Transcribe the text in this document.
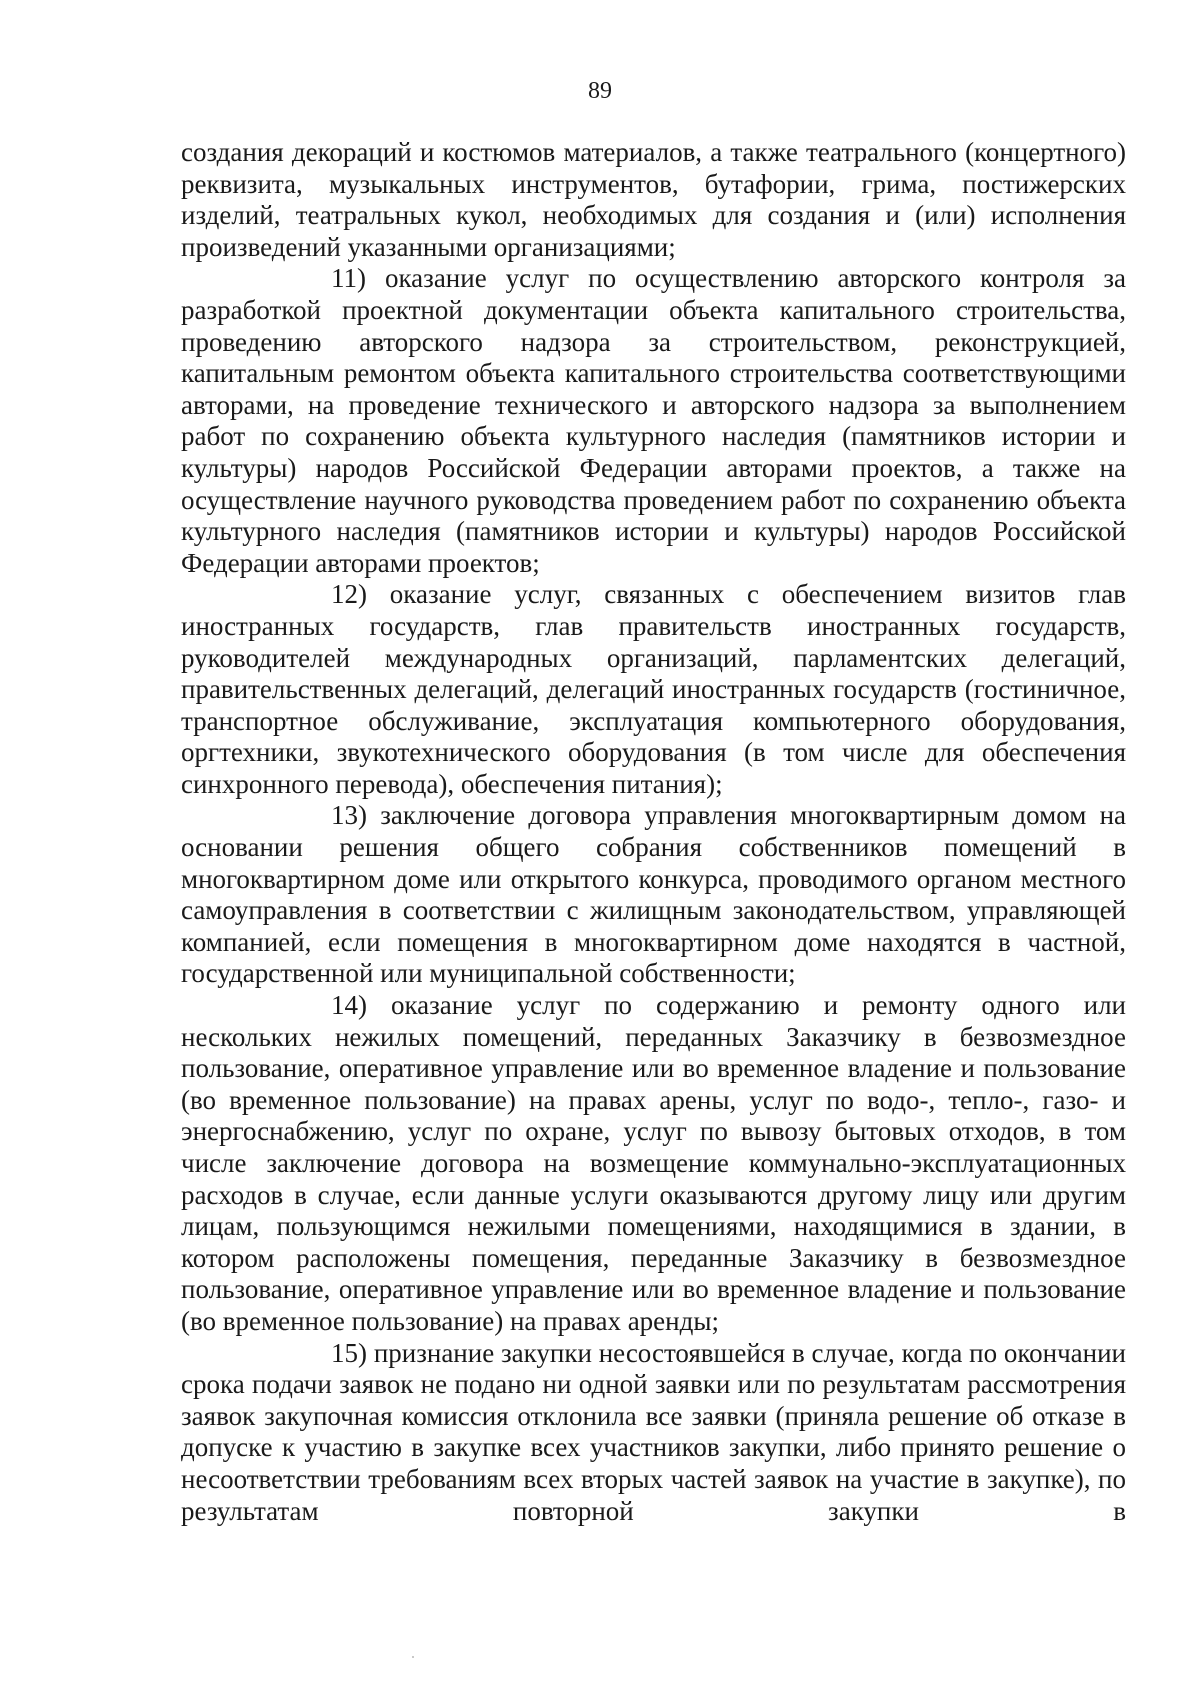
89

создания декораций и костюмов материалов, а также театрального (концертного) реквизита, музыкальных инструментов, бутафории, грима, постижерских изделий, театральных кукол, необходимых для создания и (или) исполнения произведений указанными организациями;

11) оказание услуг по осуществлению авторского контроля за разработкой проектной документации объекта капитального строительства, проведению авторского надзора за строительством, реконструкцией, капитальным ремонтом объекта капитального строительства соответствующими авторами, на проведение технического и авторского надзора за выполнением работ по сохранению объекта культурного наследия (памятников истории и культуры) народов Российской Федерации авторами проектов, а также на осуществление научного руководства проведением работ по сохранению объекта культурного наследия (памятников истории и культуры) народов Российской Федерации авторами проектов;

12) оказание услуг, связанных с обеспечением визитов глав иностранных государств, глав правительств иностранных государств, руководителей международных организаций, парламентских делегаций, правительственных делегаций, делегаций иностранных государств (гостиничное, транспортное обслуживание, эксплуатация компьютерного оборудования, оргтехники, звукотехнического оборудования (в том числе для обеспечения синхронного перевода), обеспечения питания);

13) заключение договора управления многоквартирным домом на основании решения общего собрания собственников помещений в многоквартирном доме или открытого конкурса, проводимого органом местного самоуправления в соответствии с жилищным законодательством, управляющей компанией, если помещения в многоквартирном доме находятся в частной, государственной или муниципальной собственности;

14) оказание услуг по содержанию и ремонту одного или нескольких нежилых помещений, переданных Заказчику в безвозмездное пользование, оперативное управление или во временное владение и пользование (во временное пользование) на правах арены, услуг по водо-, тепло-, газо- и энергоснабжению, услуг по охране, услуг по вывозу бытовых отходов, в том числе заключение договора на возмещение коммунально-эксплуатационных расходов в случае, если данные услуги оказываются другому лицу или другим лицам, пользующимся нежилыми помещениями, находящимися в здании, в котором расположены помещения, переданные Заказчику в безвозмездное пользование, оперативное управление или во временное владение и пользование (во временное пользование) на правах аренды;

15) признание закупки несостоявшейся в случае, когда по окончании срока подачи заявок не подано ни одной заявки или по результатам рассмотрения заявок закупочная комиссия отклонила все заявки (приняла решение об отказе в допуске к участию в закупке всех участников закупки, либо принято решение о несоответствии требованиям всех вторых частей заявок на участие в закупке), по результатам повторной закупки в
